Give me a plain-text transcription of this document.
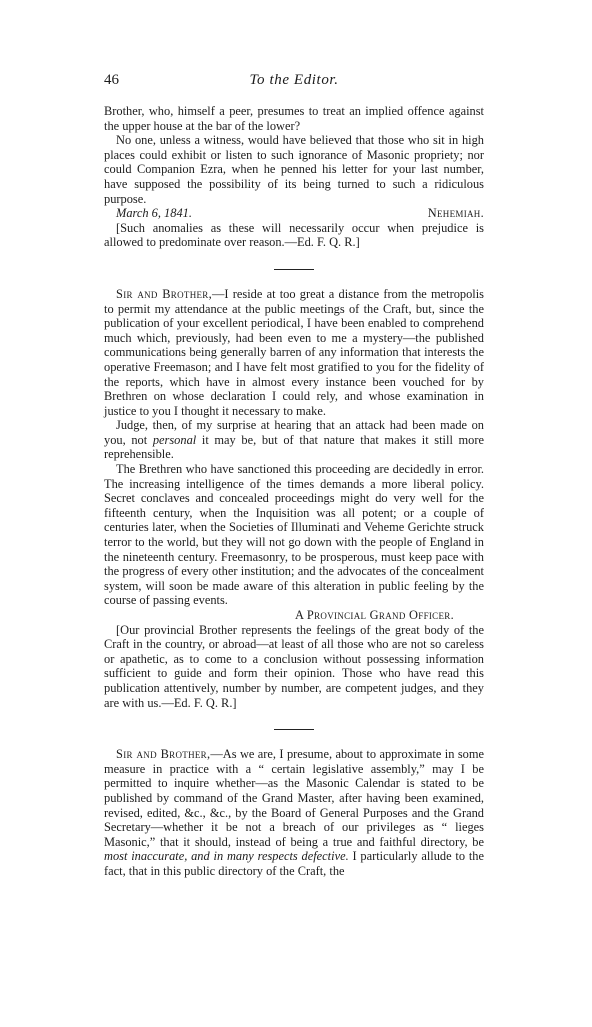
46	To the Editor.

Brother, who, himself a peer, presumes to treat an implied offence against the upper house at the bar of the lower?

No one, unless a witness, would have believed that those who sit in high places could exhibit or listen to such ignorance of Masonic propriety; nor could Companion Ezra, when he penned his letter for your last number, have supposed the possibility of its being turned to such a ridiculous purpose.

March 6, 1841.	Nehemiah.

[Such anomalies as these will necessarily occur when prejudice is allowed to predominate over reason.—Ed. F. Q. R.]

Sir and Brother,—I reside at too great a distance from the metropolis to permit my attendance at the public meetings of the Craft, but, since the publication of your excellent periodical, I have been enabled to comprehend much which, previously, had been even to me a mystery—the published communications being generally barren of any information that interests the operative Freemason; and I have felt most gratified to you for the fidelity of the reports, which have in almost every instance been vouched for by Brethren on whose declaration I could rely, and whose examination in justice to you I thought it necessary to make.

Judge, then, of my surprise at hearing that an attack had been made on you, not personal it may be, but of that nature that makes it still more reprehensible.

The Brethren who have sanctioned this proceeding are decidedly in error. The increasing intelligence of the times demands a more liberal policy. Secret conclaves and concealed proceedings might do very well for the fifteenth century, when the Inquisition was all potent; or a couple of centuries later, when the Societies of Illuminati and Veheme Gerichte struck terror to the world, but they will not go down with the people of England in the nineteenth century. Freemasonry, to be prosperous, must keep pace with the progress of every other institution; and the advocates of the concealment system, will soon be made aware of this alteration in public feeling by the course of passing events.

A Provincial Grand Officer.

[Our provincial Brother represents the feelings of the great body of the Craft in the country, or abroad—at least of all those who are not so careless or apathetic, as to come to a conclusion without possessing information sufficient to guide and form their opinion. Those who have read this publication attentively, number by number, are competent judges, and they are with us.—Ed. F. Q. R.]

Sir and Brother,—As we are, I presume, about to approximate in some measure in practice with a “ certain legislative assembly,” may I be permitted to inquire whether—as the Masonic Calendar is stated to be published by command of the Grand Master, after having been examined, revised, edited, &c., &c., by the Board of General Purposes and the Grand Secretary—whether it be not a breach of our privileges as “ lieges Masonic,” that it should, instead of being a true and faithful directory, be most inaccurate, and in many respects defective. I particularly allude to the fact, that in this public directory of the Craft, the
